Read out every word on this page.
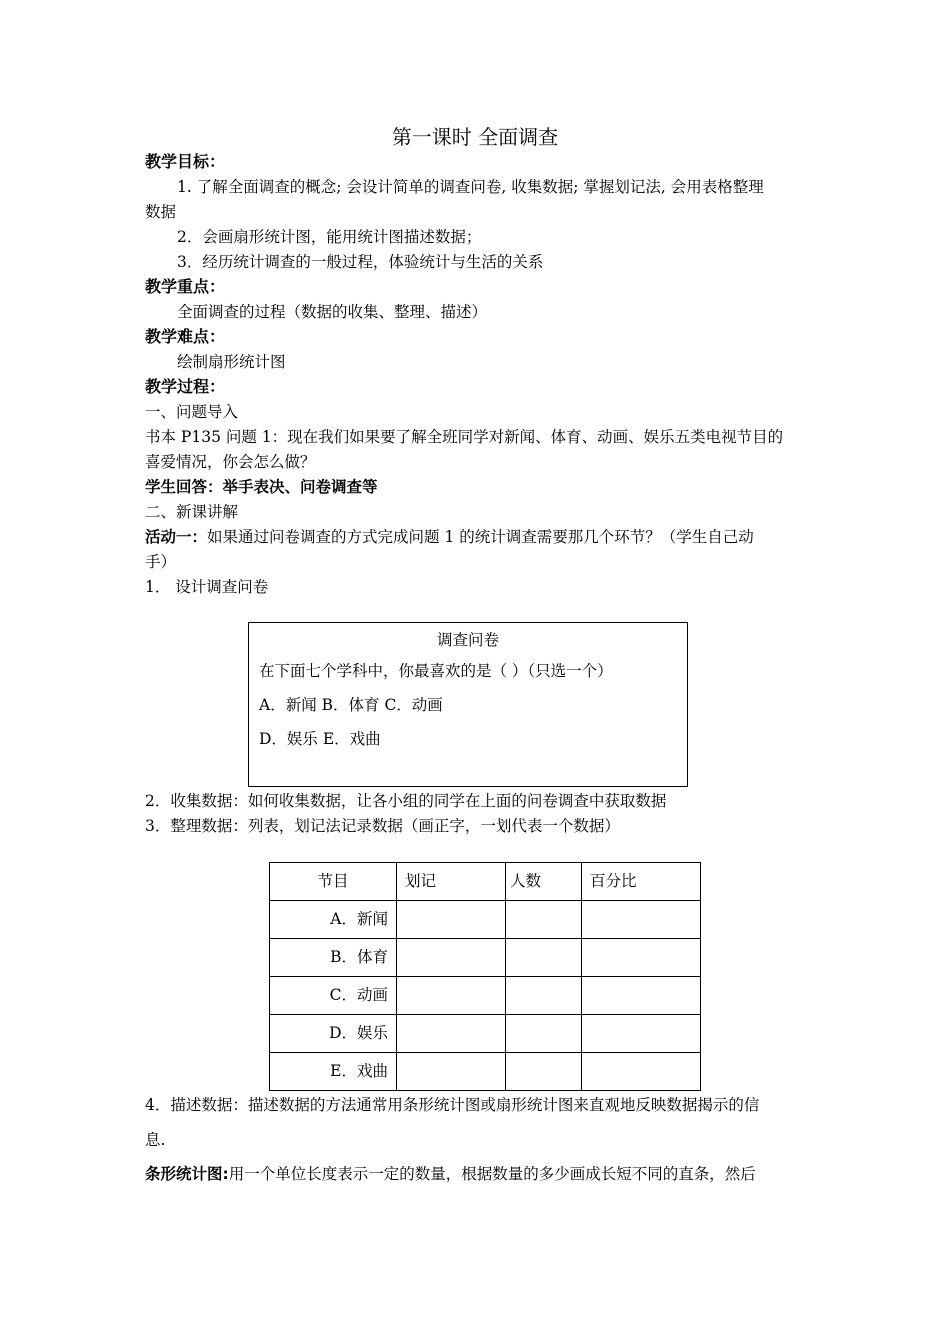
第一课时 全面调查
教学目标：
1. 了解全面调查的概念; 会设计简单的调查问卷, 收集数据; 掌握划记法, 会用表格整理
数据
2．会画扇形统计图，能用统计图描述数据；
3．经历统计调查的一般过程，体验统计与生活的关系
教学重点：
全面调查的过程（数据的收集、整理、描述）
教学难点：
绘制扇形统计图
教学过程：
一、问题导入
书本 P135 问题 1：现在我们如果要了解全班同学对新闻、体育、动画、娱乐五类电视节目的
喜爱情况，你会怎么做？
学生回答：举手表决、问卷调查等
二、新课讲解
活动一：如果通过问卷调查的方式完成问题 1 的统计调查需要那几个环节？（学生自己动
手）
1． 设计调查问卷
调查问卷
在下面七个学科中，你最喜欢的是（ ）（只选一个）
A．新闻 B．体育 C．动画
D．娱乐 E．戏曲
2．收集数据：如何收集数据，让各小组的同学在上面的问卷调查中获取数据
3．整理数据：列表，划记法记录数据（画正字，一划代表一个数据）
节目	划记	人数	百分比
A．新闻			
B．体育			
C．动画			
D．娱乐			
E．戏曲			
4．描述数据：描述数据的方法通常用条形统计图或扇形统计图来直观地反映数据揭示的信
息.
条形统计图:用一个单位长度表示一定的数量，根据数量的多少画成长短不同的直条，然后
